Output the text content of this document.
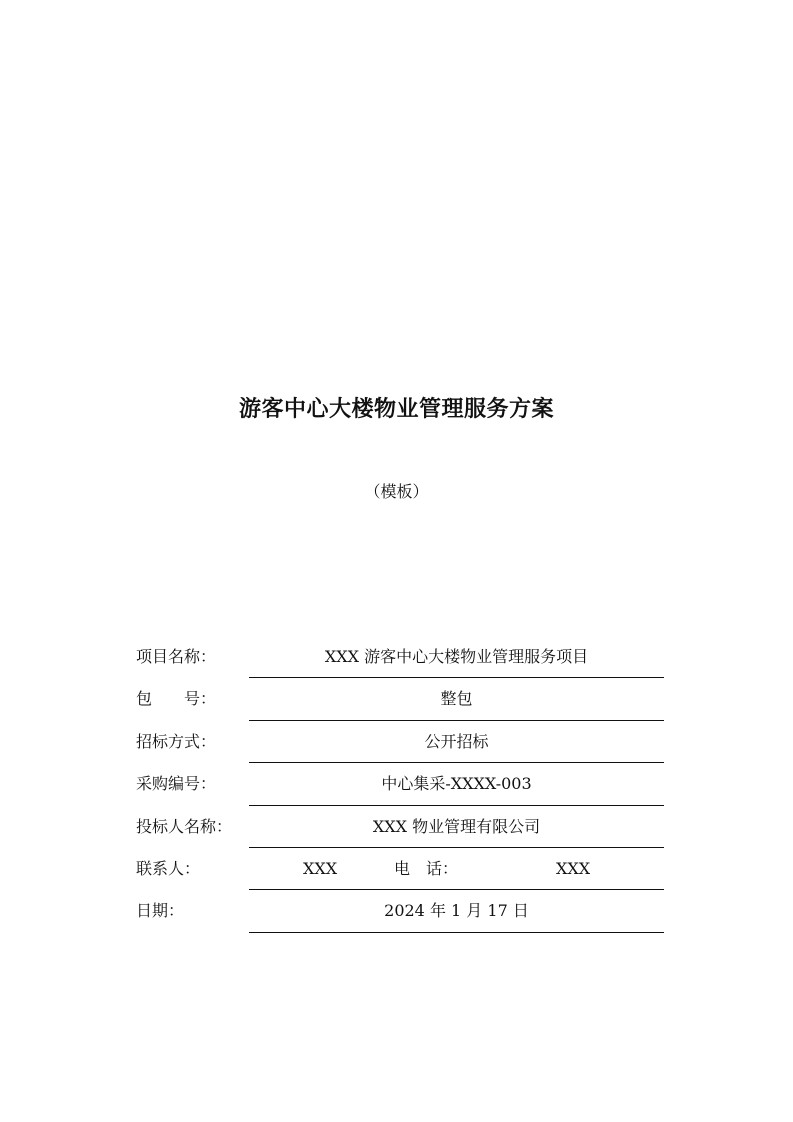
游客中心大楼物业管理服务方案
（模板）
项目名称：	XXX 游客中心大楼物业管理服务项目
包　　号：	整包
招标方式：	公开招标
采购编号：	中心集采-XXXX-003
投标人名称：	XXX 物业管理有限公司
联系人：	XXX	电　话：	XXX
日期：	2024 年 1 月 17 日
